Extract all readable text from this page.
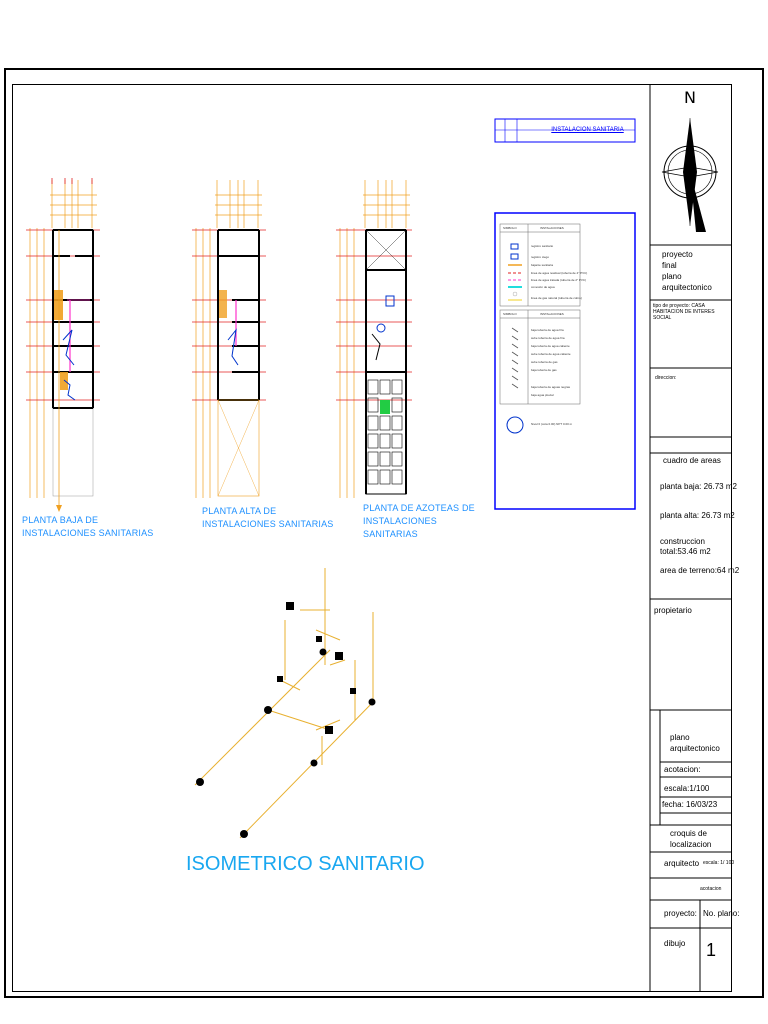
INSTALACION SANITARIA
SIMBOLO	INSTALACIONES
SIMBOLO	INSTALACIONES
registro sanitario
registro ciego
bajante sanitaria
linea de agua residual (tubería de 4" PVC)
linea de agua tratada (tubería de 2" PVC)
conexión de agua
linea de gas natural (tubería de cobre)
baja tubería de agua fría
sube tubería de agua fría
baja tubería de agua caliente
sube tubería de agua caliente
sube tubería de gas
baja tubería de gas
baja tubería de aguas negras
baja agua pluvial
Nivel 0 (cota 0.00) NPT 0.00 m
PLANTA BAJA DE INSTALACIONES SANITARIAS
PLANTA ALTA DE INSTALACIONES SANITARIAS
PLANTA DE AZOTEAS DE INSTALACIONES SANITARIAS
ISOMETRICO SANITARIO
N
proyecto
final
plano
arquitectonico
tipo de proyecto: CASA HABITACION DE INTERES SOCIAL
direccion:
cuadro de areas
planta baja: 26.73 m2
planta alta: 26.73 m2
construccion total:53.46 m2
area de terreno:64 m2
propietario
plano
arquitectonico
acotacion:
escala:1/100
fecha: 16/03/23
croquis de
localizacion
arquitecto escala: 1/ 100
acotacion
proyecto: No. plano:
dibujo 1
